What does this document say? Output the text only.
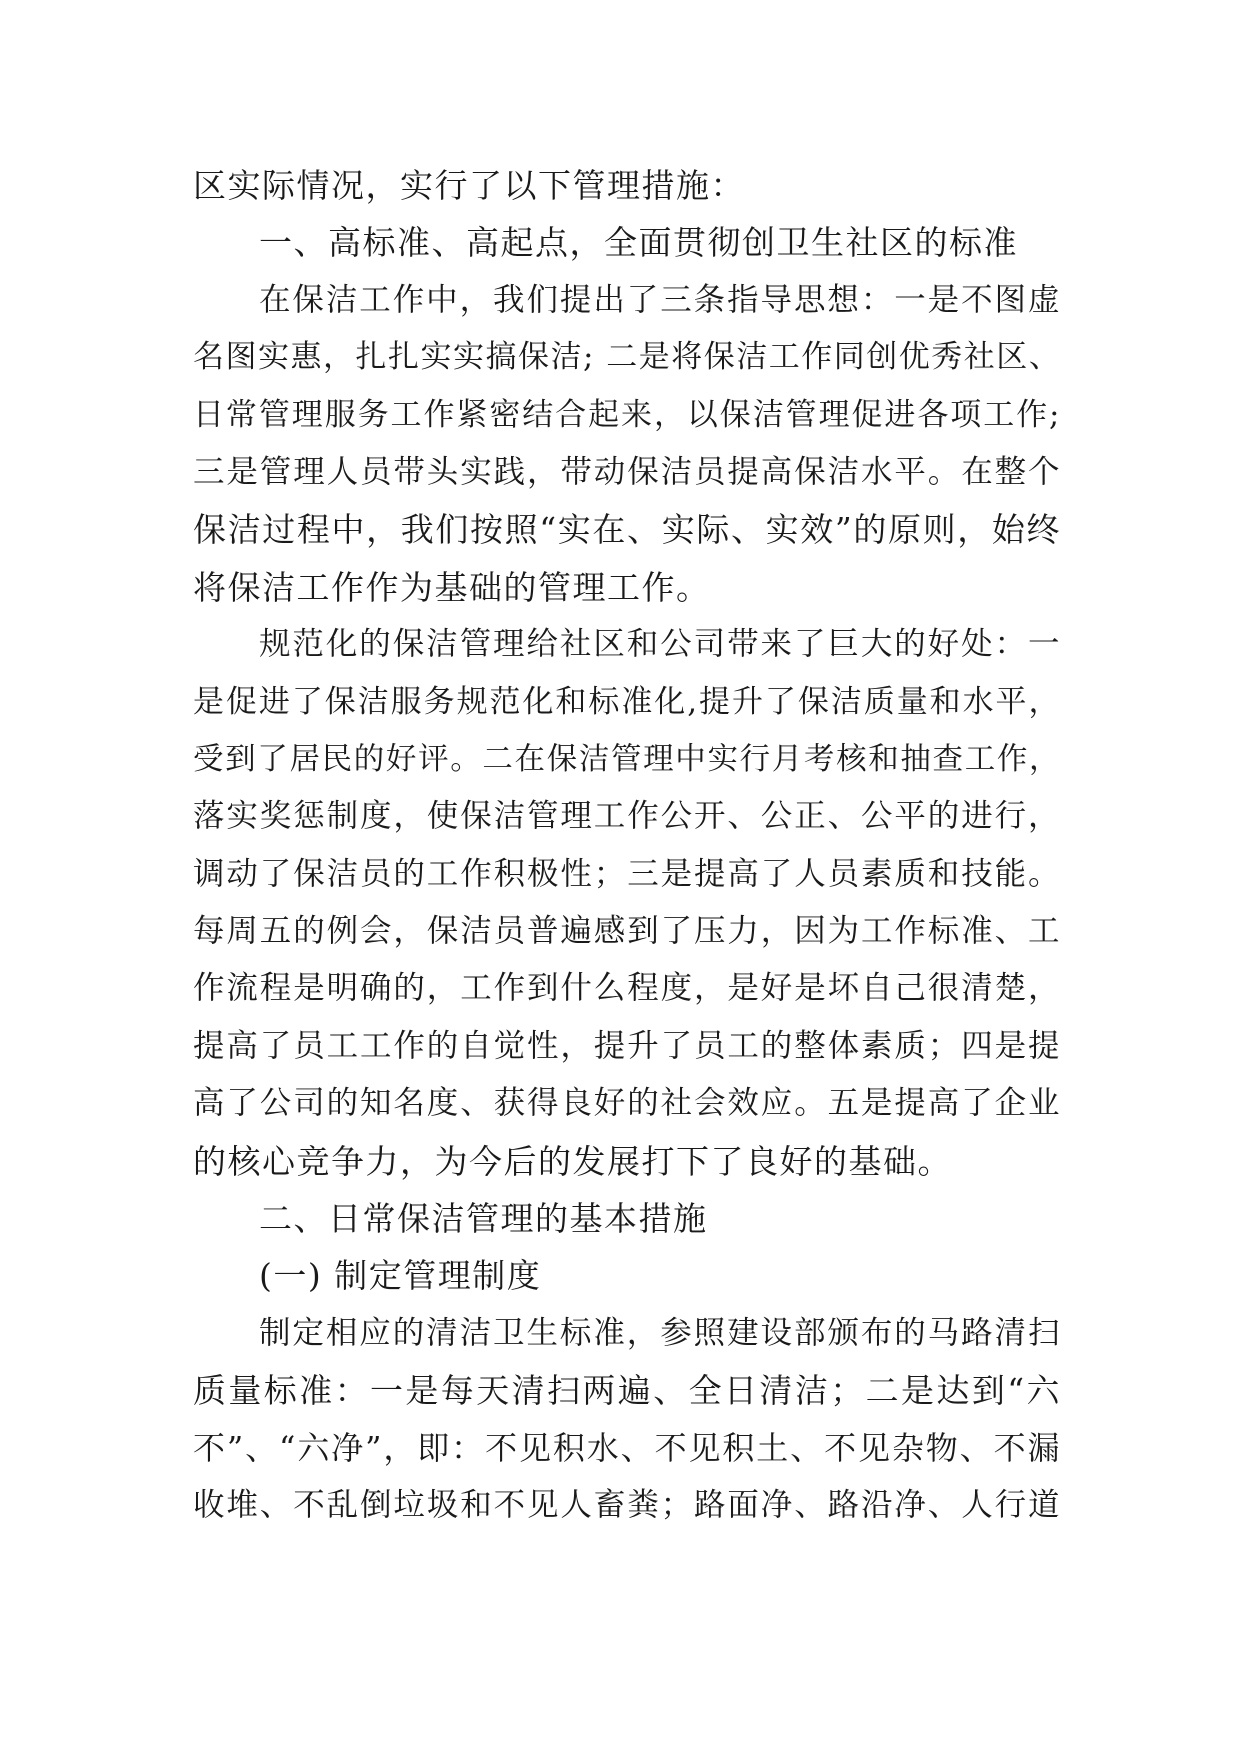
区实际情况，实行了以下管理措施：
一、高标准、高起点，全面贯彻创卫生社区的标准
在保洁工作中，我们提出了三条指导思想：一是不图虚
名图实惠，扎扎实实搞保洁; 二是将保洁工作同创优秀社区、
日常管理服务工作紧密结合起来，以保洁管理促进各项工作;
三是管理人员带头实践，带动保洁员提高保洁水平。在整个
保洁过程中，我们按照“实在、实际、实效”的原则，始终
将保洁工作作为基础的管理工作。
规范化的保洁管理给社区和公司带来了巨大的好处：一
是促进了保洁服务规范化和标准化,提升了保洁质量和水平，
受到了居民的好评。二在保洁管理中实行月考核和抽查工作，
落实奖惩制度，使保洁管理工作公开、公正、公平的进行，
调动了保洁员的工作积极性；三是提高了人员素质和技能。
每周五的例会，保洁员普遍感到了压力，因为工作标准、工
作流程是明确的，工作到什么程度，是好是坏自己很清楚，
提高了员工工作的自觉性，提升了员工的整体素质；四是提
高了公司的知名度、获得良好的社会效应。五是提高了企业
的核心竞争力，为今后的发展打下了良好的基础。
二、日常保洁管理的基本措施
(一) 制定管理制度
制定相应的清洁卫生标准，参照建设部颁布的马路清扫
质量标准：一是每天清扫两遍、全日清洁；二是达到“六
不”、“六净”，即：不见积水、不见积土、不见杂物、不漏
收堆、不乱倒垃圾和不见人畜粪；路面净、路沿净、人行道
